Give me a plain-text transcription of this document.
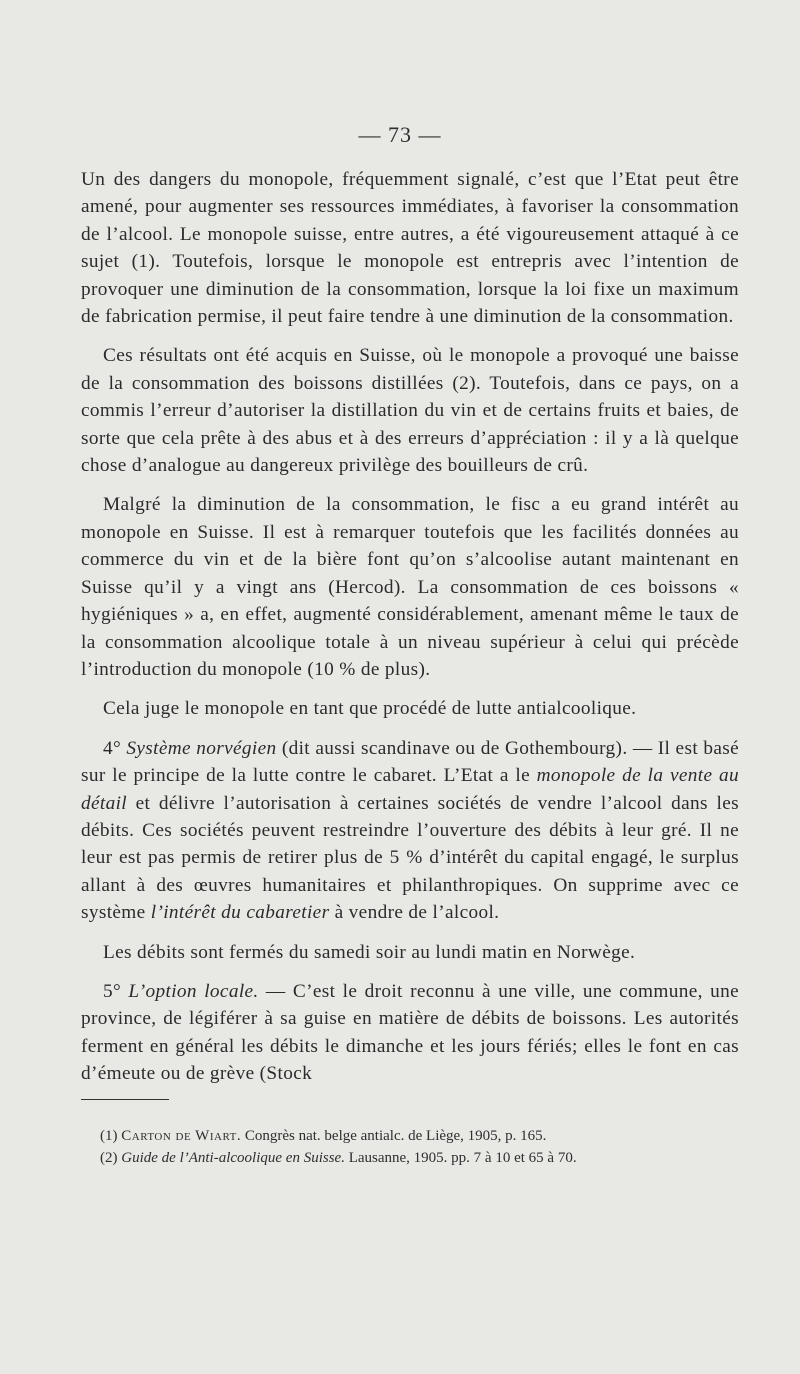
— 73 —

Un des dangers du monopole, fréquemment signalé, c’est que l’Etat peut être amené, pour augmenter ses ressources immédiates, à favoriser la consommation de l’alcool. Le monopole suisse, entre autres, a été vigoureusement attaqué à ce sujet (1). Toutefois, lorsque le monopole est entrepris avec l’intention de provoquer une diminution de la consommation, lorsque la loi fixe un maximum de fabrication permise, il peut faire tendre à une diminution de la consommation.

Ces résultats ont été acquis en Suisse, où le monopole a provoqué une baisse de la consommation des boissons distillées (2). Toutefois, dans ce pays, on a commis l’erreur d’autoriser la distillation du vin et de certains fruits et baies, de sorte que cela prête à des abus et à des erreurs d’appréciation : il y a là quelque chose d’analogue au dangereux privilège des bouilleurs de crû.

Malgré la diminution de la consommation, le fisc a eu grand intérêt au monopole en Suisse. Il est à remarquer toutefois que les facilités données au commerce du vin et de la bière font qu’on s’alcoolise autant maintenant en Suisse qu’il y a vingt ans (Hercod). La consommation de ces boissons « hygiéniques » a, en effet, augmenté considérablement, amenant même le taux de la consommation alcoolique totale à un niveau supérieur à celui qui précède l’introduction du monopole (10 % de plus).

Cela juge le monopole en tant que procédé de lutte antialcoolique.

4° Système norvégien (dit aussi scandinave ou de Gothembourg). — Il est basé sur le principe de la lutte contre le cabaret. L’Etat a le monopole de la vente au détail et délivre l’autorisation à certaines sociétés de vendre l’alcool dans les débits. Ces sociétés peuvent restreindre l’ouverture des débits à leur gré. Il ne leur est pas permis de retirer plus de 5 % d’intérêt du capital engagé, le surplus allant à des œuvres humanitaires et philanthropiques. On supprime avec ce système l’intérêt du cabaretier à vendre de l’alcool.

Les débits sont fermés du samedi soir au lundi matin en Norwège.

5° L’option locale. — C’est le droit reconnu à une ville, une commune, une province, de légiférer à sa guise en matière de débits de boissons. Les autorités ferment en général les débits le dimanche et les jours fériés; elles le font en cas d’émeute ou de grève (Stock

(1) Carton de Wiart. Congrès nat. belge antialc. de Liège, 1905, p. 165.
(2) Guide de l’Anti-alcoolique en Suisse. Lausanne, 1905. pp. 7 à 10 et 65 à 70.
